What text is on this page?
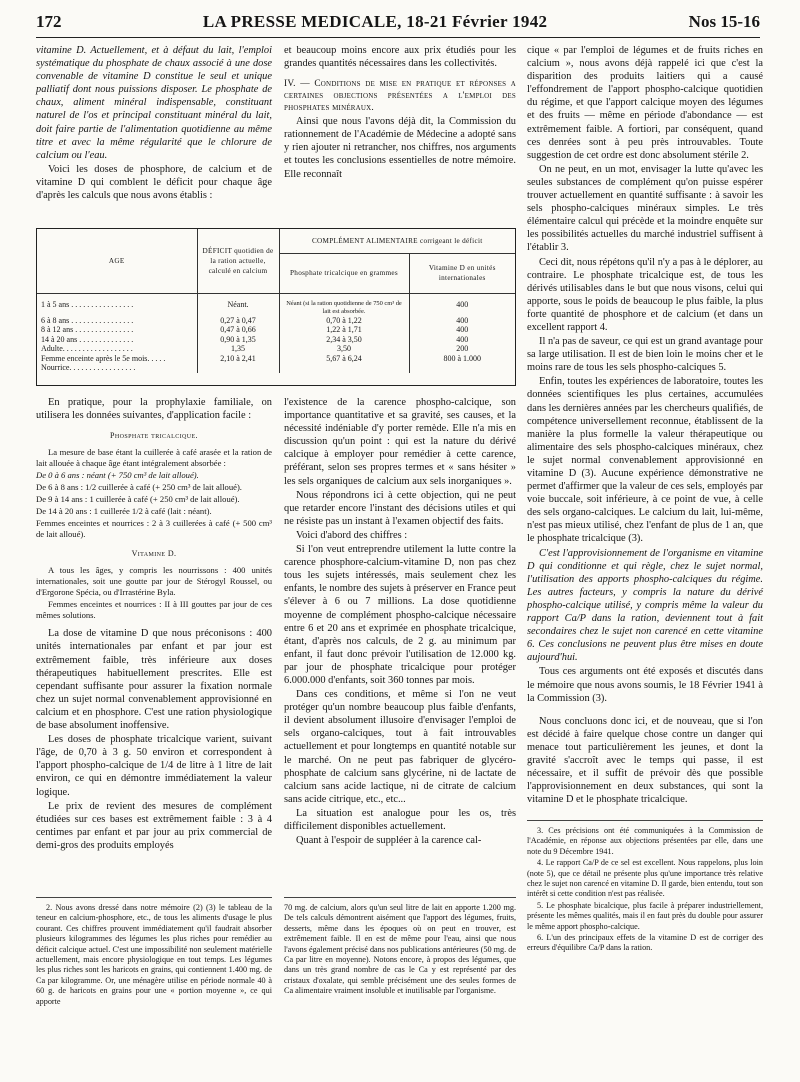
172	LA PRESSE MEDICALE, 18-21 Février 1942	Nos 15-16

vitamine D. Actuellement, et à défaut du lait, l'emploi systématique du phosphate de chaux associé à une dose convenable de vitamine D constitue le seul et unique palliatif dont nous puissions disposer. Le phosphate de chaux, aliment minéral indispensable, constituant naturel de l'os et principal constituant minéral du lait, doit faire partie de l'alimentation quotidienne au même titre et avec la même régularité que le chlorure de calcium ou l'eau.

Voici les doses de phosphore, de calcium et de vitamine D qui comblent le déficit pour chaque âge d'après les calculs que nous avons établis :

et beaucoup moins encore aux prix étudiés pour les grandes quantités nécessaires dans les collectivités.

IV. — Conditions de mise en pratique et réponses a certaines objections présentées a l'emploi des phosphates minéraux.

Ainsi que nous l'avons déjà dit, la Commission du rationnement de l'Académie de Médecine a adopté sans y rien ajouter ni retrancher, nos chiffres, nos arguments et toutes les conclusions essentielles de notre mémoire. Elle reconnaît

AGE	DÉFICIT quotidien de la ration actuelle, calculé en calcium	COMPLÉMENT ALIMENTAIRE corrigeant le déficit	
		Phosphate tricalcique en grammes	Vitamine D en unités internationales
1 à 5 ans . . . . . . . . . . . . . . . .	Néant.	Néant (si la ration quotidienne de 750 cm³ de lait est absorbée.	400
6 à 8 ans . . . . . . . . . . . . . . . .	0,27 à 0,47	0,70 à 1,22	400
8 à 12 ans . . . . . . . . . . . . . . .	0,47 à 0,66	1,22 à 1,71	400
14 à 20 ans . . . . . . . . . . . . . .	0,90 à 1,35	2,34 à 3,50	400
Adulte. . . . . . . . . . . . . . . . . .	1,35	3,50	200
Femme enceinte après le 5e mois. . . . .	2,10 à 2,41	5,67 à 6,24	800 à 1.000
Nourrice. . . . . . . . . . . . . . . . .			

En pratique, pour la prophylaxie familiale, on utilisera les données suivantes, d'application facile :

Phosphate tricalcique.

La mesure de base étant la cuillerée à café arasée et la ration de lait allouée à chaque âge étant intégralement absorbée :

De 0 à 6 ans : néant (+ 750 cm³ de lait alloué).

De 6 à 8 ans : 1/2 cuillerée à café (+ 250 cm³ de lait alloué).

De 9 à 14 ans : 1 cuillerée à café (+ 250 cm³ de lait alloué).

De 14 à 20 ans : 1 cuillerée 1/2 à café (lait : néant).

Femmes enceintes et nourrices : 2 à 3 cuillerées à café (+ 500 cm³ de lait alloué).

Vitamine D.

A tous les âges, y compris les nourrissons : 400 unités internationales, soit une goutte par jour de Stérogyl Roussel, ou d'Ergorone Spécia, ou d'Irrastérine Byla.

Femmes enceintes et nourrices : II à III gouttes par jour de ces mêmes solutions.

La dose de vitamine D que nous préconisons : 400 unités internationales par enfant et par jour est extrêmement faible, très inférieure aux doses thérapeutiques habituellement prescrites. Elle est cependant suffisante pour assurer la fixation normale chez un sujet normal convenablement approvisionné en calcium et en phosphore. C'est une ration physiologique de base absolument inoffensive.

Les doses de phosphate tricalcique varient, suivant l'âge, de 0,70 à 3 g. 50 environ et correspondent à l'apport phospho-calcique de 1/4 de litre à 1 litre de lait environ, ce qui en démontre immédiatement la valeur logique.

Le prix de revient des mesures de complément étudiées sur ces bases est extrêmement faible : 3 à 4 centimes par enfant et par jour au prix commercial de demi-gros des produits employés

l'existence de la carence phospho-calcique, son importance quantitative et sa gravité, ses causes, et la nécessité indéniable d'y porter remède. Elle n'a mis en discussion qu'un point : qui est la nature du dérivé calcique à employer pour remédier à cette carence, préférant, selon ses propres termes et « sans hésiter » les sels organiques de calcium aux sels inorganiques ».

Nous répondrons ici à cette objection, qui ne peut que retarder encore l'instant des décisions utiles et qui ne résiste pas un instant à l'examen objectif des faits.

Voici d'abord des chiffres :

Si l'on veut entreprendre utilement la lutte contre la carence phosphore-calcium-vitamine D, non pas chez tous les sujets intéressés, mais seulement chez les enfants, le nombre des sujets à préserver en France peut s'élever à 6 ou 7 millions. La dose quotidienne moyenne de complément phospho-calcique nécessaire entre 6 et 20 ans et exprimée en phosphate tricalcique, étant, d'après nos calculs, de 2 g. au minimum par enfant, il faut donc prévoir l'utilisation de 12.000 kg. par jour de phosphate tricalcique pour protéger 6.000.000 d'enfants, soit 360 tonnes par mois.

Dans ces conditions, et même si l'on ne veut protéger qu'un nombre beaucoup plus faible d'enfants, il devient absolument illusoire d'envisager l'emploi de sels organo-calciques, tout à fait introuvables actuellement et pour longtemps en quantité notable sur le marché. On ne peut pas fabriquer de glycéro-phosphate de calcium sans glycérine, ni de lactate de calcium sans acide lactique, ni de citrate de calcium sans acide citrique, etc., etc...

La situation est analogue pour les os, très difficilement disponibles actuellement.

Quant à l'espoir de suppléer à la carence cal-

cique « par l'emploi de légumes et de fruits riches en calcium », nous avons déjà rappelé ici que c'est la disparition des produits laitiers qui a causé l'effondrement de l'apport phospho-calcique quotidien du régime, et que l'apport calcique moyen des légumes et des fruits — même en période d'abondance — est extrêmement faible. A fortiori, par conséquent, quand ces denrées sont à peu près introuvables. Toute suggestion de cet ordre est donc absolument stérile 2.

On ne peut, en un mot, envisager la lutte qu'avec les seules substances de complément qu'on puisse espérer trouver actuellement en quantité suffisante : à savoir les sels phospho-calciques minéraux simples. Le très élémentaire calcul qui précède et la moindre enquête sur les possibilités actuelles du marché industriel suffisent à l'établir 3.

Ceci dit, nous répétons qu'il n'y a pas à le déplorer, au contraire. Le phosphate tricalcique est, de tous les dérivés utilisables dans le but que nous visons, celui qui apporte, sous le poids de beaucoup le plus faible, la plus forte quantité de phosphore et de calcium (et dans un excellent rapport 4.

Il n'a pas de saveur, ce qui est un grand avantage pour sa large utilisation. Il est de bien loin le moins cher et le moins rare de tous les sels phospho-calciques 5.

Enfin, toutes les expériences de laboratoire, toutes les données scientifiques les plus certaines, accumulées dans les dernières années par les chercheurs qualifiés, de compétence universellement reconnue, établissent de la manière la plus formelle la valeur thérapeutique ou alimentaire des sels phospho-calciques minéraux, chez le sujet normal convenablement approvisionné en vitamine D (3). Aucune expérience démonstrative ne permet d'affirmer que la valeur de ces sels, employés par voie buccale, soit inférieure, à ce point de vue, à celle des sels organo-calciques. Le calcium du lait, lui-même, n'est pas mieux utilisé, chez l'enfant de plus de 1 an, que le phosphate tricalcique (3).

C'est l'approvisionnement de l'organisme en vitamine D qui conditionne et qui règle, chez le sujet normal, l'utilisation des apports phospho-calciques du régime. Les autres facteurs, y compris la nature du dérivé phospho-calcique utilisé, y compris même la valeur du rapport Ca/P dans la ration, deviennent tout à fait secondaires chez le sujet non carencé en cette vitamine 6. Ces conclusions ne peuvent plus être mises en doute aujourd'hui.

Tous ces arguments ont été exposés et discutés dans le mémoire que nous avons soumis, le 18 Février 1941 à la Commission (3).

Nous concluons donc ici, et de nouveau, que si l'on est décidé à faire quelque chose contre un danger qui menace tout particulièrement les jeunes, et dont la gravité s'accroît avec le temps qui passe, il est nécessaire, et il suffit de prévoir dès que possible l'approvisionnement en deux substances, qui sont la vitamine D et le phosphate tricalcique.

2. Nous avons dressé dans notre mémoire (2) (3) le tableau de la teneur en calcium-phosphore, etc., de tous les aliments d'usage le plus courant. Ces chiffres prouvent immédiatement qu'il faudrait absorber plusieurs kilogrammes des légumes les plus riches pour remédier au déficit calcique actuel. C'est une impossibilité non seulement matérielle actuellement, mais encore physiologique en tout temps. Les légumes les plus riches sont les haricots en grains, qui contiennent 1.400 mg. de Ca par kilogramme. Or, une ménagère utilise en période normale 40 à 60 g. de haricots en grains pour une « portion moyenne », ce qui apporte

70 mg. de calcium, alors qu'un seul litre de lait en apporte 1.200 mg. De tels calculs démontrent aisément que l'apport des légumes, fruits, desserts, même dans les époques où on peut en trouver, est extrêmement faible. Il en est de même pour l'eau, ainsi que nous l'avons également précisé dans nos publications antérieures (50 mg. de Ca par litre en moyenne). Notons encore, à propos des légumes, que dans un très grand nombre de cas le Ca y est représenté par des cristaux d'oxalate, qui semble précisément une des seules formes de Ca alimentaire vraiment insoluble et inutilisable par l'organisme.

3. Ces précisions ont été communiquées à la Commission de l'Académie, en réponse aux objections présentées par elle, dans une note du 9 Décembre 1941.

4. Le rapport Ca/P de ce sel est excellent. Nous rappelons, plus loin (note 5), que ce détail ne présente plus qu'une importance très relative chez le sujet non carencé en vitamine D. Il garde, bien entendu, tout son intérêt si cette condition n'est pas réalisée.

5. Le phosphate bicalcique, plus facile à préparer industriellement, présente les mêmes qualités, mais il en faut près du double pour assurer le même apport phospho-calcique.

6. L'un des principaux effets de la vitamine D est de corriger des erreurs d'équilibre Ca/P dans la ration.
